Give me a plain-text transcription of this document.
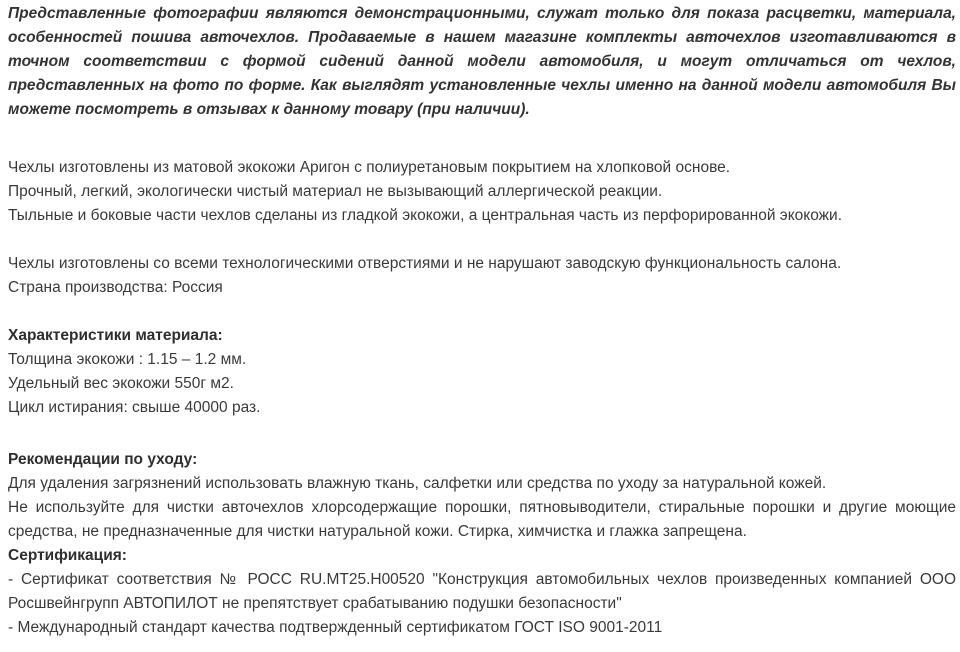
Представленные фотографии являются демонстрационными, служат только для показа расцветки, материала, особенностей пошива авточехлов. Продаваемые в нашем магазине комплекты авточехлов изготавливаются в точном соответствии с формой сидений данной модели автомобиля, и могут отличаться от чехлов, представленных на фото по форме. Как выглядят установленные чехлы именно на данной модели автомобиля Вы можете посмотреть в отзывах к данному товару (при наличии).

Чехлы изготовлены из матовой экокожи Аригон с полиуретановым покрытием на хлопковой основе.
Прочный, легкий, экологически чистый материал не вызывающий аллергической реакции.
Тыльные и боковые части чехлов сделаны из гладкой экокожи, а центральная часть из перфорированной экокожи.
Чехлы изготовлены со всеми технологическими отверстиями и не нарушают заводскую функциональность салона.
Страна производства: Россия
Характеристики материала:
Толщина экокожи : 1.15 – 1.2 мм.
Удельный вес экокожи 550г м2.
Цикл истирания: свыше 40000 раз.
Рекомендации по уходу:
Для удаления загрязнений использовать влажную ткань, салфетки или средства по уходу за натуральной кожей.
Не используйте для чистки авточехлов хлорсодержащие порошки, пятновыводители, стиральные порошки и другие моющие средства, не предназначенные для чистки натуральной кожи. Стирка, химчистка и глажка запрещена.
Сертификация:
- Сертификат соответствия № РОСС RU.MT25.H00520 "Конструкция автомобильных чехлов произведенных компанией ООО Росшвейнгрупп АВТОПИЛОТ не препятствует срабатыванию подушки безопасности"
- Международный стандарт качества подтвержденный сертификатом ГОСТ ISO 9001-2011
